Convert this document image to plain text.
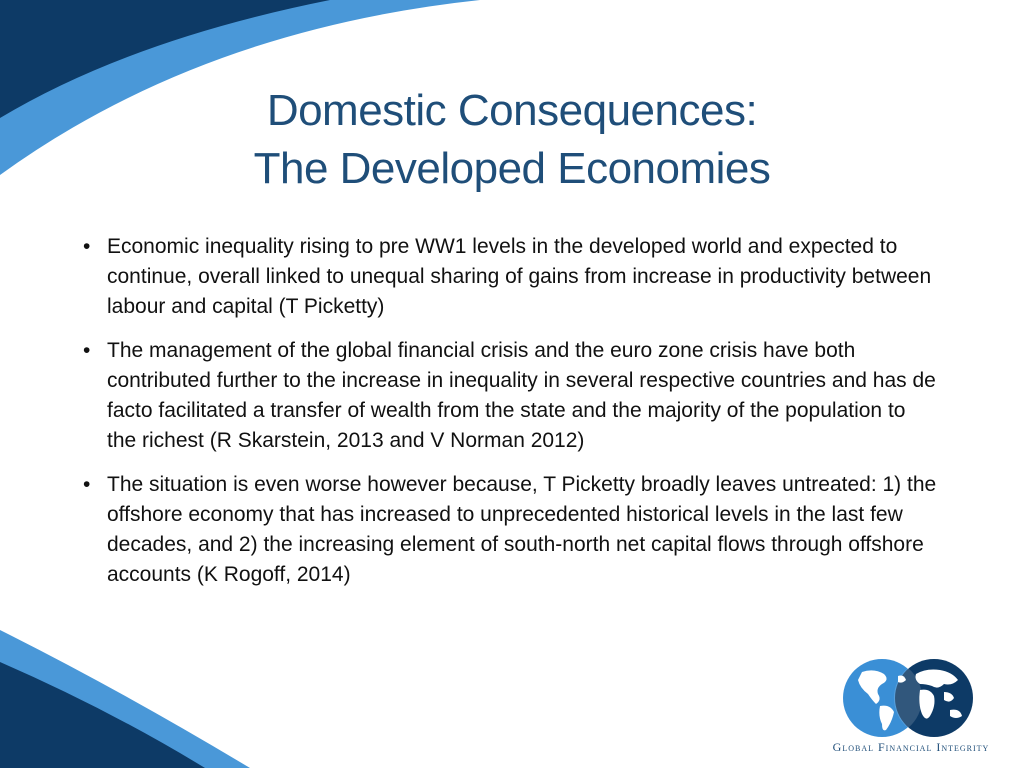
Domestic Consequences:
The Developed Economies
• Economic inequality rising to pre WW1 levels in the developed world and expected to continue, overall linked to unequal sharing of gains from increase in productivity between labour and capital (T Picketty)
• The management of the global financial crisis and the euro zone crisis have both contributed further to the increase in inequality in several respective countries and has de facto facilitated a transfer of wealth from the state and the majority of the population to the richest (R Skarstein, 2013 and V Norman 2012)
• The situation is even worse however because, T Picketty broadly leaves untreated: 1) the offshore economy that has increased to unprecedented historical levels in the last few decades, and 2) the increasing element of south-north net capital flows through offshore accounts (K Rogoff, 2014)
Global Financial Integrity
